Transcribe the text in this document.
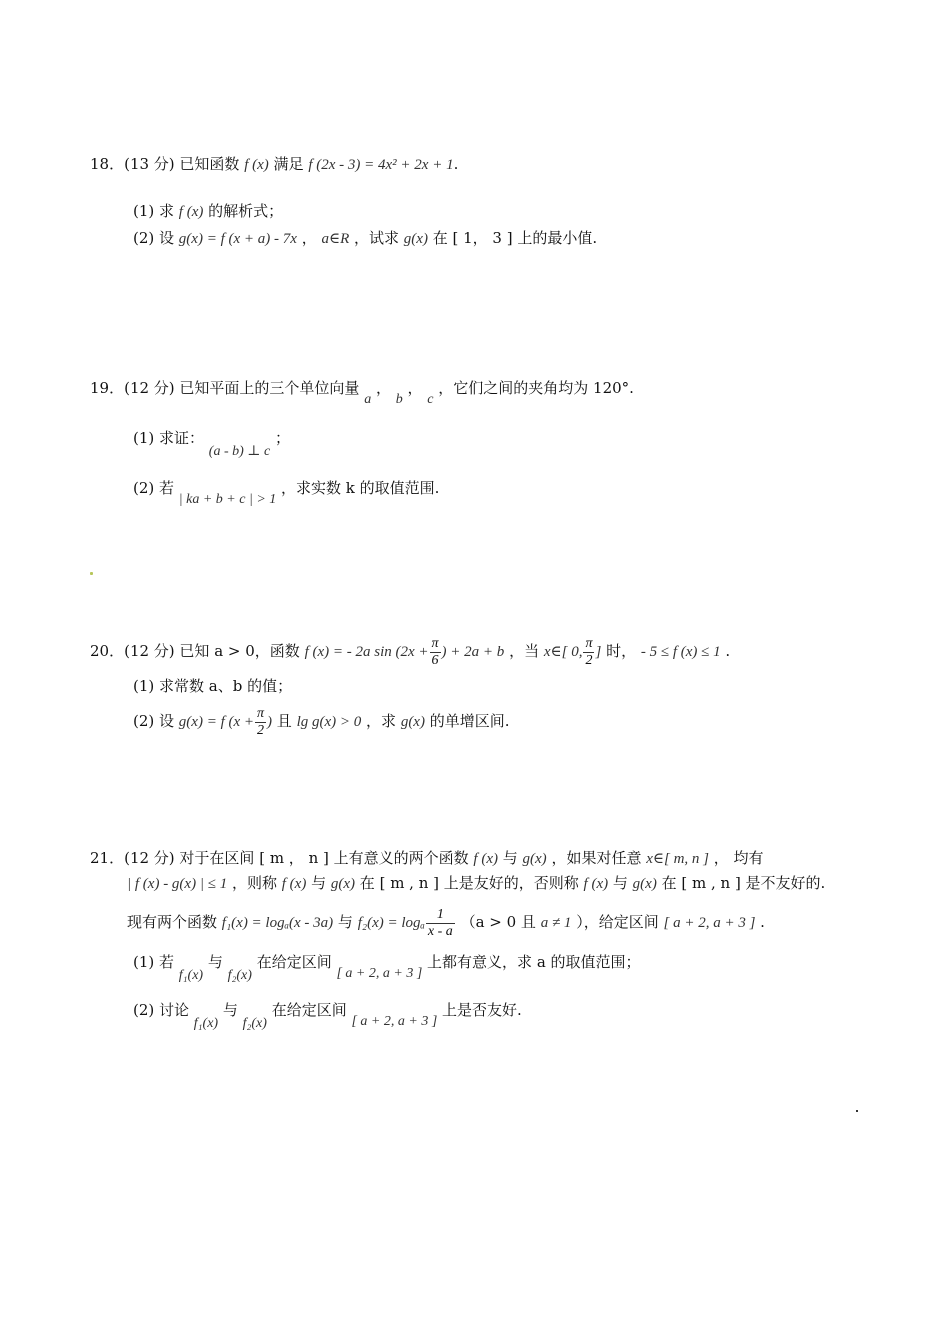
18．(13 分) 已知函数 f (x) 满足 f (2x - 3) = 4x² + 2x + 1.
(1) 求 f (x) 的解析式；
(2) 设 g(x) = f (x + a) - 7x ， a∈R ，试求 g(x) 在 [ 1， 3 ] 上的最小值.
19．(12 分) 已知平面上的三个单位向量 a ， b ， c ，它们之间的夹角均为 120°.
(1) 求证： (a - b) ⊥ c ；
(2) 若 | ka + b + c | > 1 ，求实数 k 的取值范围.
20．(12 分) 已知 a > 0，函数 f (x) = - 2a $\sin (2x + \frac{\pi}{6}$ ) + 2a + b ，当 x∈[ 0, $\frac{\pi}{2}$ ] 时， - 5 ≤ f (x) ≤ 1 .
(1) 求常数 a、b 的值；
(2) 设 g(x) = f ($x + \frac{\pi}{2}$ ) 且 lg g(x) > 0 ，求 g(x) 的单增区间.
21．(12 分) 对于在区间 [ m ， n ] 上有意义的两个函数 f (x) 与 g(x) ，如果对任意 x∈[ m, n ] ， 均有
| f (x) - g(x) | ≤ 1 ，则称 f (x) 与 g(x) 在 [ m , n ] 上是友好的，否则称 f (x) 与 g(x) 在 [ m , n ] 是不友好的.
现有两个函数 f₁(x) = logₐ(x - 3a) 与 f₂(x) = logₐ $\frac{1}{x - a} (a > 0$ 且 a ≠ 1 ），给定区间 [ a + 2, a + 3 ] .
(1) 若 f₁(x) 与 f₂(x) 在给定区间 [ a + 2, a + 3 ] 上都有意义，求 a 的取值范围；
(2) 讨论 f₁(x) 与 f₂(x) 在给定区间 [ a + 2, a + 3 ] 上是否友好.
